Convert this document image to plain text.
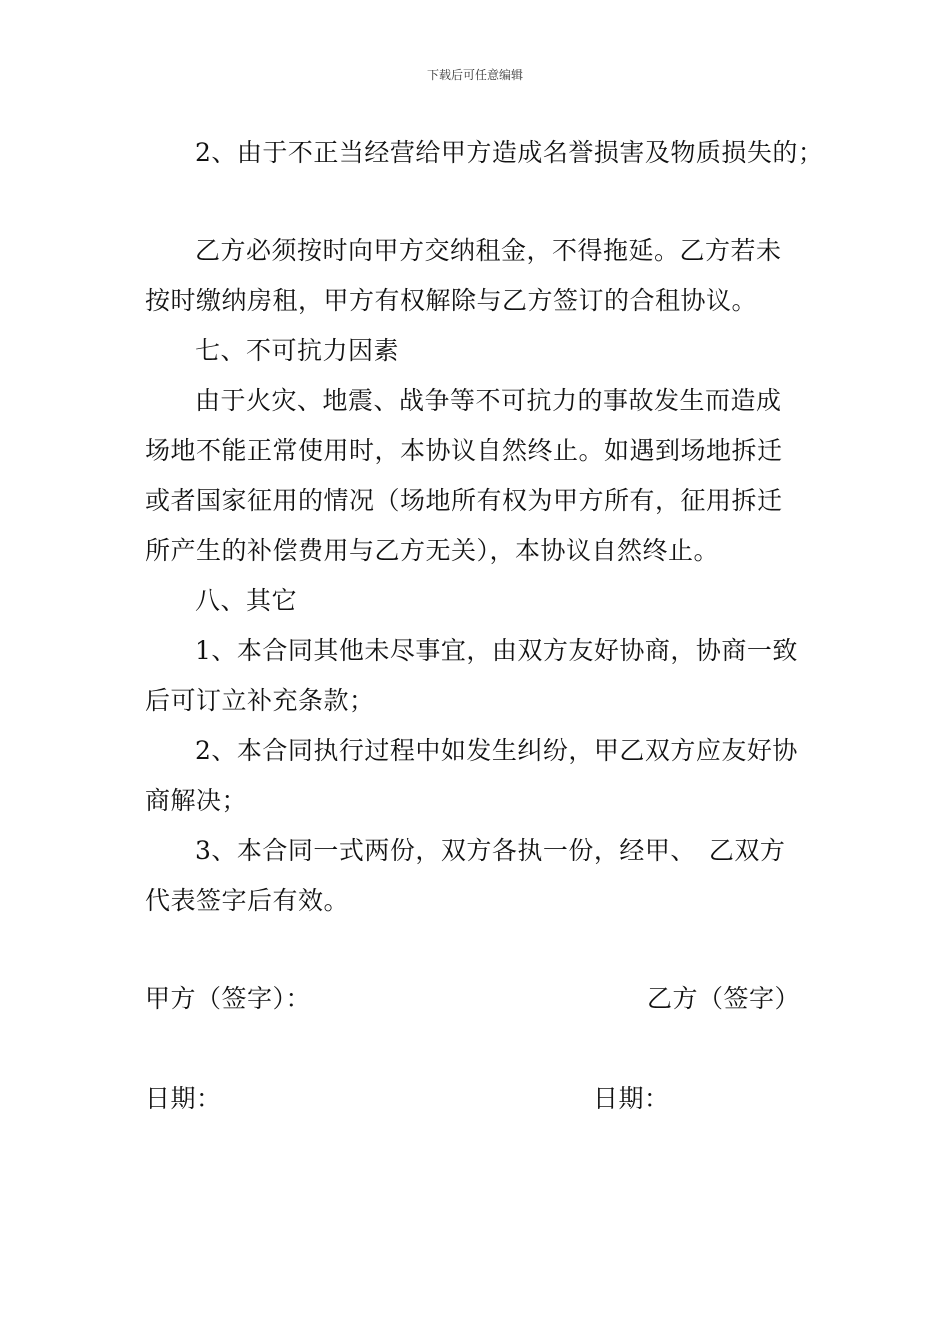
下载后可任意编辑
2、由于不正当经营给甲方造成名誉损害及物质损失的；
乙方必须按时向甲方交纳租金，不得拖延。乙方若未
按时缴纳房租，甲方有权解除与乙方签订的合租协议。
七、不可抗力因素
由于火灾、地震、战争等不可抗力的事故发生而造成
场地不能正常使用时，本协议自然终止。如遇到场地拆迁
或者国家征用的情况（场地所有权为甲方所有，征用拆迁
所产生的补偿费用与乙方无关），本协议自然终止。
八、其它
1、本合同其他未尽事宜，由双方友好协商，协商一致
后可订立补充条款；
2、本合同执行过程中如发生纠纷，甲乙双方应友好协
商解决；
3、本合同一式两份，双方各执一份，经甲、　乙双方
代表签字后有效。
甲方（签字）：	乙方（签字）
日期：	日期：
